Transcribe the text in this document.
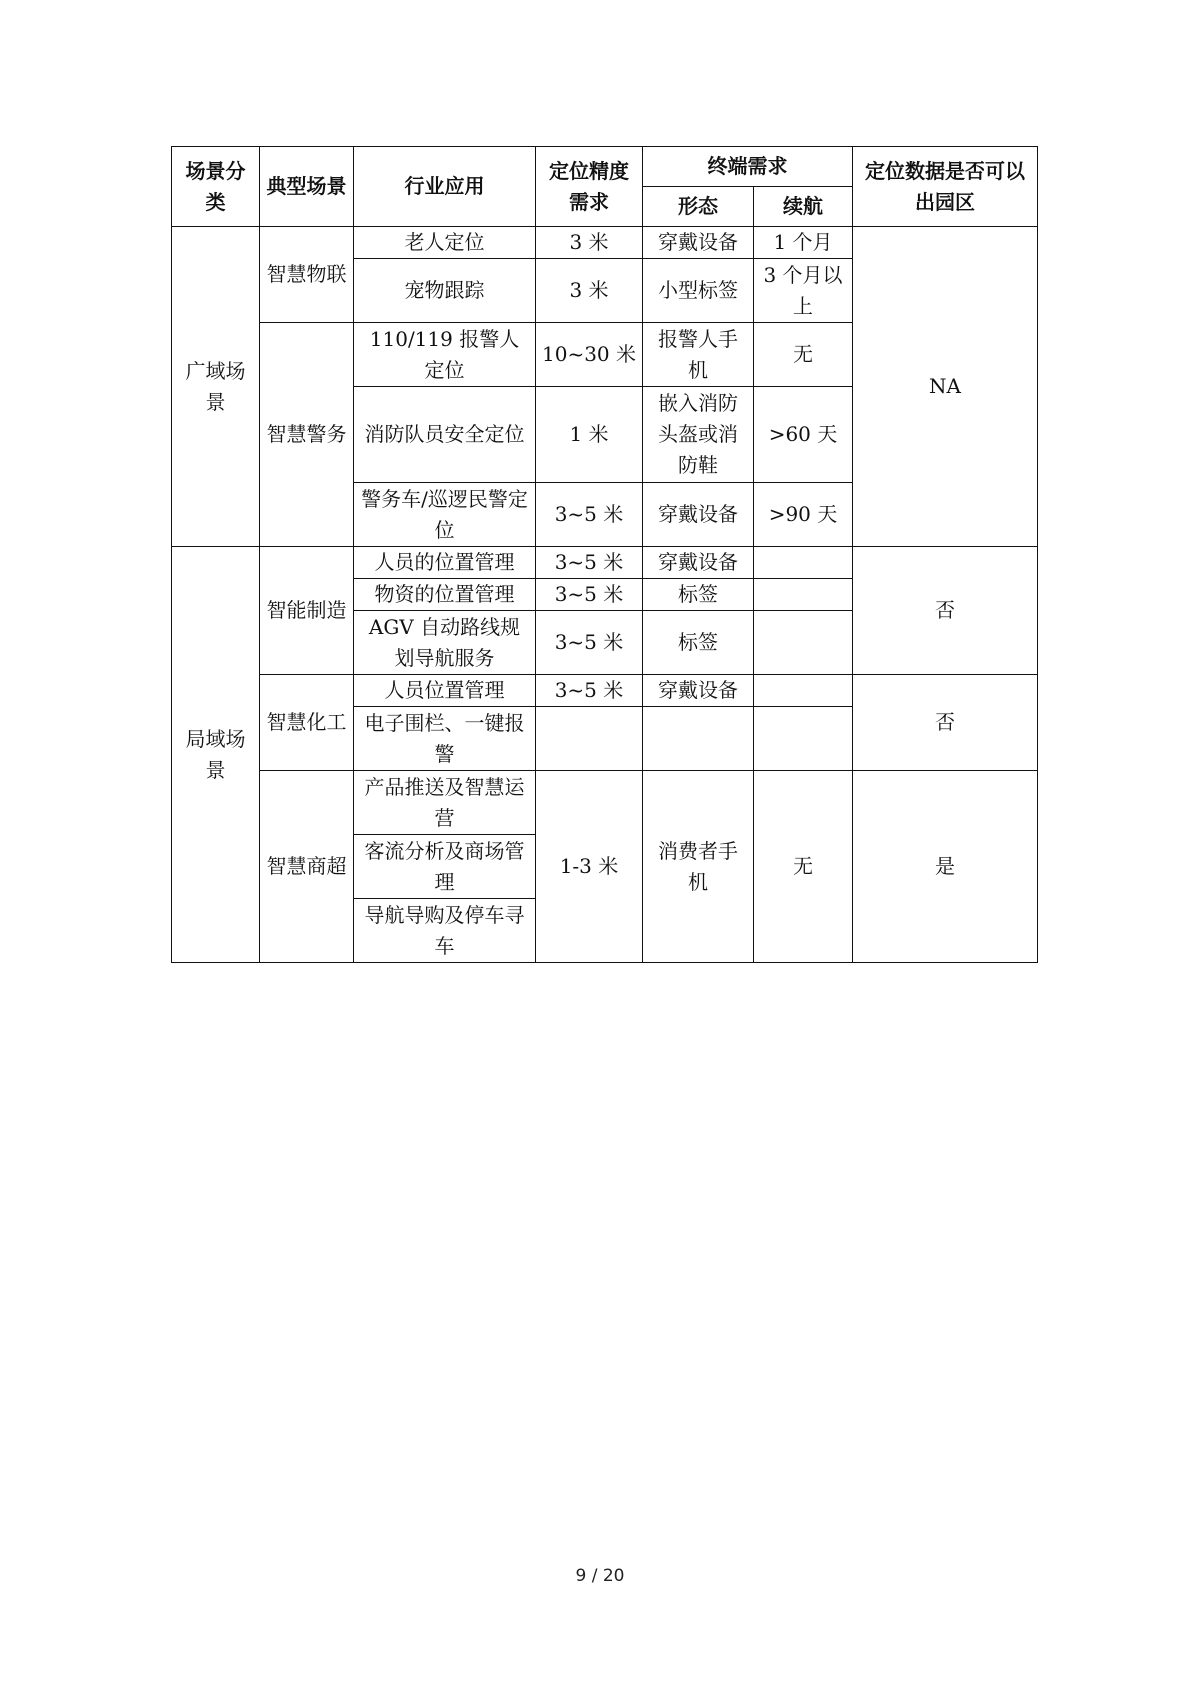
场景分类	典型场景	行业应用	定位精度需求	终端需求		定位数据是否可以出园区
				形态	续航	
广域场景	智慧物联	老人定位	3 米	穿戴设备	1 个月	NA
		宠物跟踪	3 米	小型标签	3 个月以上	
	智慧警务	110/119 报警人定位	10~30 米	报警人手机	无	
		消防队员安全定位	1 米	嵌入消防头盔或消防鞋	>60 天	
		警务车/巡逻民警定位	3~5 米	穿戴设备	>90 天	
局域场景	智能制造	人员的位置管理	3~5 米	穿戴设备		否
		物资的位置管理	3~5 米	标签		
		AGV 自动路线规划导航服务	3~5 米	标签		
	智慧化工	人员位置管理	3~5 米	穿戴设备		否
		电子围栏、一键报警				
	智慧商超	产品推送及智慧运营	1-3 米	消费者手机	无	是
		客流分析及商场管理				
		导航导购及停车寻车				
9 / 20
